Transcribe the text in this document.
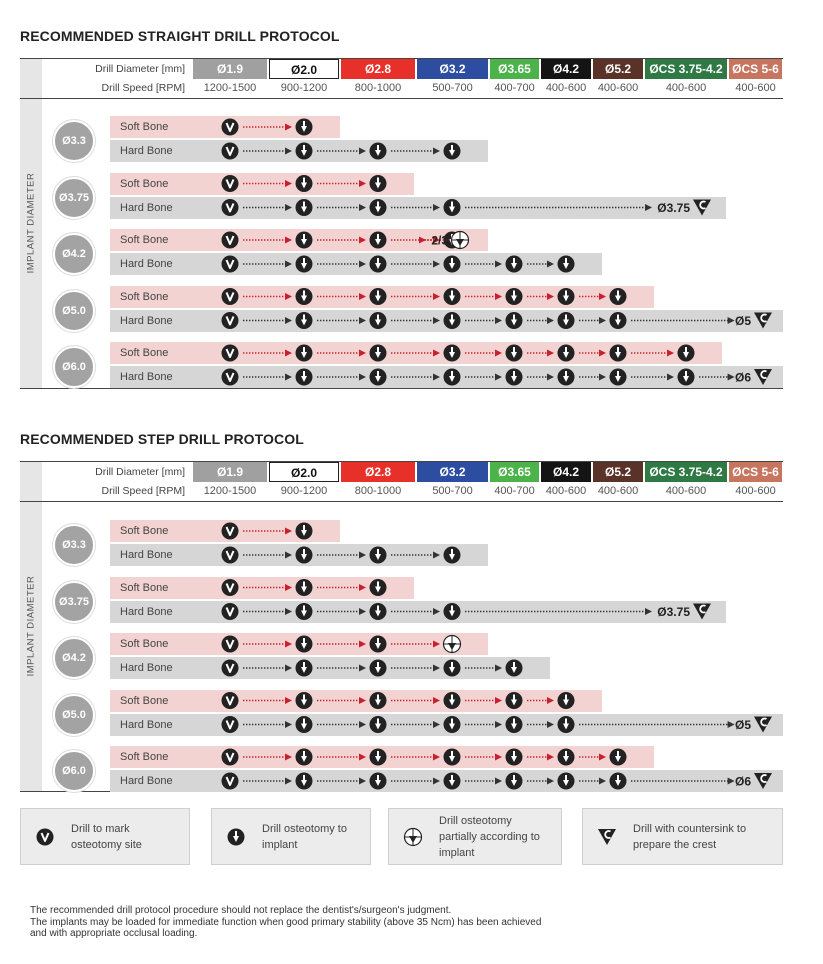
RECOMMENDED STRAIGHT DRILL PROTOCOL
IMPLANT DIAMETER
Drill Diameter [mm]
Drill Speed [RPM]
Ø1.9
1200-1500
Ø2.0
900-1200
Ø2.8
800-1000
Ø3.2
500-700
Ø3.65
400-700
Ø4.2
400-600
Ø5.2
400-600
ØCS 3.75-4.2
400-600
ØCS 5-6
400-600
Ø3.3
Soft Bone
Hard Bone
Ø3.75
Soft Bone
Hard Bone
Ø4.2
Soft Bone
Hard Bone
Ø5.0
Soft Bone
Hard Bone
Ø6.0
Soft Bone
Hard Bone
Ø3.75
2/3
Ø5
Ø6
RECOMMENDED STEP DRILL PROTOCOL
IMPLANT DIAMETER
Drill Diameter [mm]
Drill Speed [RPM]
Ø1.9
1200-1500
Ø2.0
900-1200
Ø2.8
800-1000
Ø3.2
500-700
Ø3.65
400-700
Ø4.2
400-600
Ø5.2
400-600
ØCS 3.75-4.2
400-600
ØCS 5-6
400-600
Ø3.3
Soft Bone
Hard Bone
Ø3.75
Soft Bone
Hard Bone
Ø4.2
Soft Bone
Hard Bone
Ø5.0
Soft Bone
Hard Bone
Ø6.0
Soft Bone
Hard Bone
Ø3.75
Ø5
Ø6
Drill to mark
osteotomy site
Drill osteotomy to
implant
Drill osteotomy
partially according to
implant
Drill with countersink to
prepare the crest
The recommended drill protocol procedure should not replace the dentist's/surgeon's judgment.
The implants may be loaded for immediate function when good primary stability (above 35 Ncm) has been achieved
and with appropriate occlusal loading.
